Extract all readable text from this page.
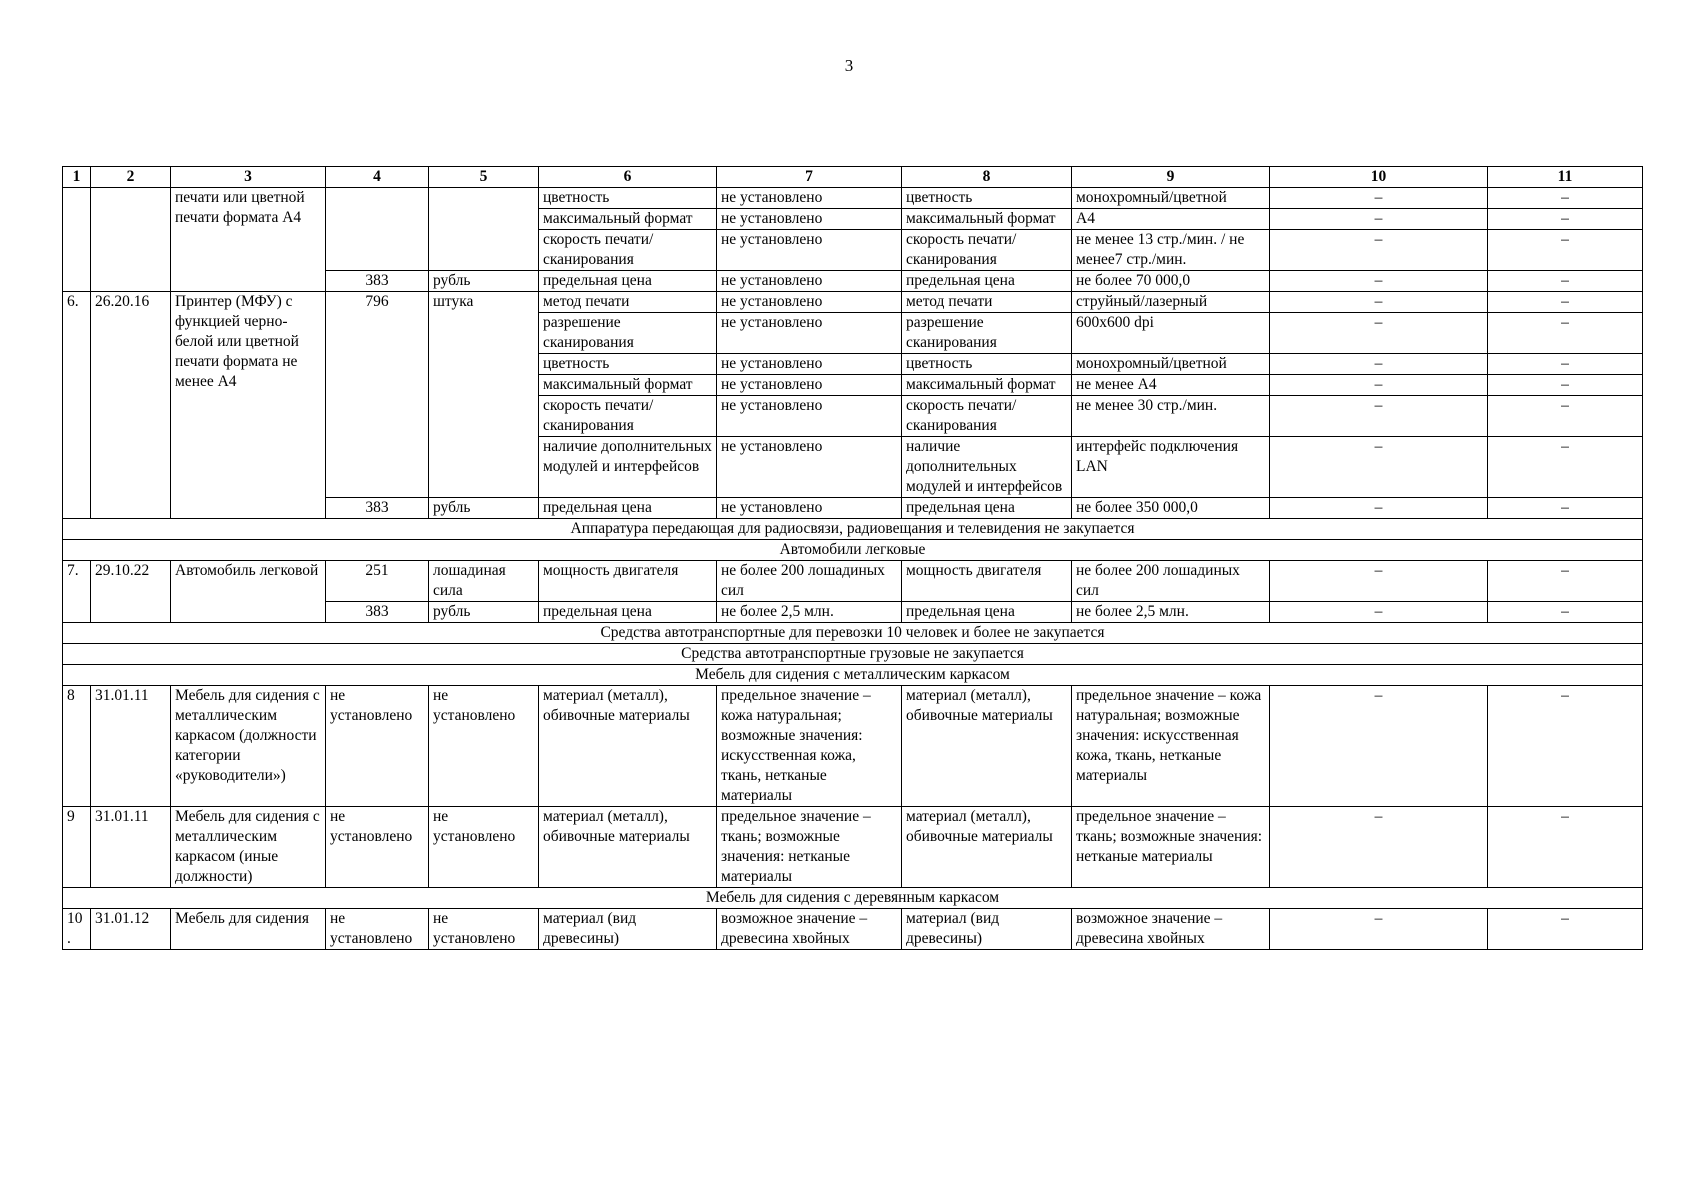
3
1	2	3	4	5	6	7	8	9	10	11
		печати или цветной печати формата А4			цветность	не установлено	цветность	монохромный/цветной	–	–
					максимальный формат	не установлено	максимальный формат	А4	–	–
					скорость печати/ сканирования	не установлено	скорость печати/ сканирования	не менее 13 стр./мин. / не менее7 стр./мин.	–	–
			383	рубль	предельная цена	не установлено	предельная цена	не более 70 000,0	–	–
6.	26.20.16	Принтер (МФУ) с функцией черно-белой или цветной печати формата не менее А4	796	штука	метод печати	не установлено	метод печати	струйный/лазерный	–	–
					разрешение сканирования	не установлено	разрешение сканирования	600x600 dpi	–	–
					цветность	не установлено	цветность	монохромный/цветной	–	–
					максимальный формат	не установлено	максимальный формат	не менее А4	–	–
					скорость печати/ сканирования	не установлено	скорость печати/ сканирования	не менее 30 стр./мин.	–	–
					наличие дополнительных модулей и интерфейсов	не установлено	наличие дополнительных модулей и интерфейсов	интерфейс подключения LAN	–	–
			383	рубль	предельная цена	не установлено	предельная цена	не более 350 000,0	–	–
Аппаратура передающая для радиосвязи, радиовещания и телевидения не закупается										
Автомобили легковые										
7.	29.10.22	Автомобиль легковой	251	лошадиная сила	мощность двигателя	не более 200 лошадиных сил	мощность двигателя	не более 200 лошадиных сил	–	–
			383	рубль	предельная цена	не более 2,5 млн.	предельная цена	не более 2,5 млн.	–	–
Средства автотранспортные для перевозки 10 человек и более не закупается										
Средства автотранспортные грузовые не закупается										
Мебель для сидения с металлическим каркасом										
8	31.01.11	Мебель для сидения с металлическим каркасом (должности категории «руководители»)	не установлено	не установлено	материал (металл), обивочные материалы	предельное значение – кожа натуральная; возможные значения: искусственная кожа, ткань, нетканые материалы	материал (металл), обивочные материалы	предельное значение – кожа натуральная; возможные значения: искусственная кожа, ткань, нетканые материалы	–	–
9	31.01.11	Мебель для сидения с металлическим каркасом (иные должности)	не установлено	не установлено	материал (металл), обивочные материалы	предельное значение – ткань; возможные значения: нетканые материалы	материал (металл), обивочные материалы	предельное значение – ткань; возможные значения: нетканые материалы	–	–
Мебель для сидения с деревянным каркасом										
10.	31.01.12	Мебель для сидения	не установлено	не установлено	материал (вид древесины)	возможное значение – древесина хвойных	материал (вид древесины)	возможное значение – древесина хвойных	–	–
